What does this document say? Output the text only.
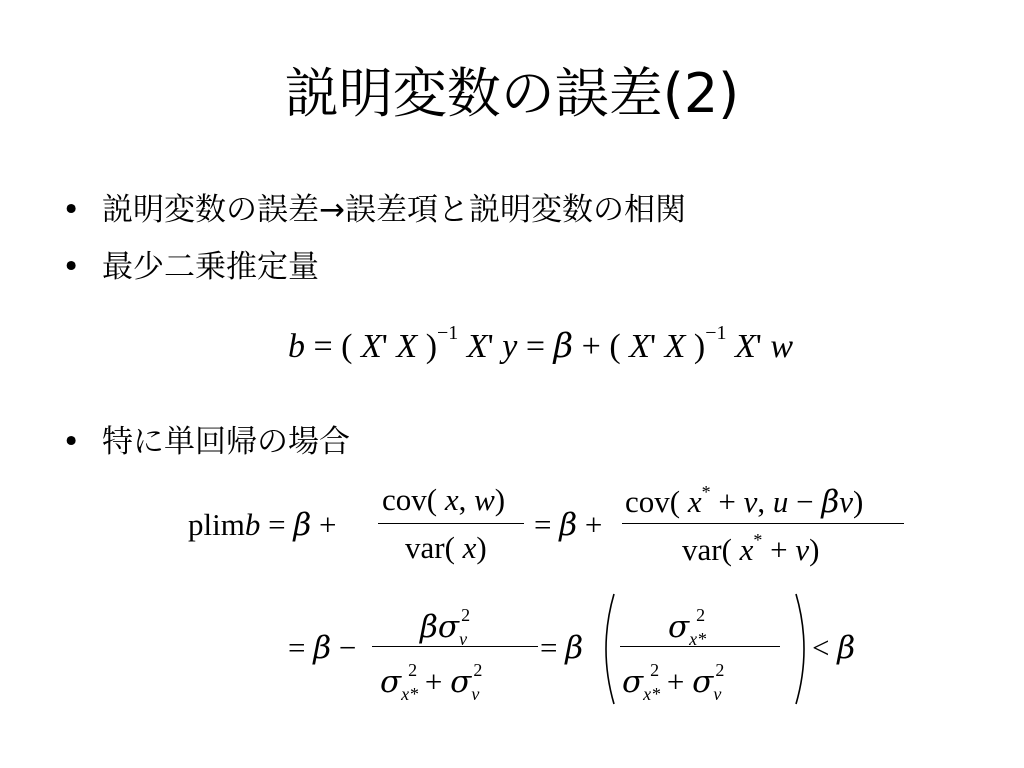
説明変数の誤差(2)
• 説明変数の誤差→誤差項と説明変数の相関
• 最少二乗推定量
• 特に単回帰の場合
b = ( X' X )$^{-1}$ X' y = β + ( X' X )$^{-1}$ X' w
plimb = β +
cov( x, w)
var( x)
= β +
cov( x* + v, u − βv)
var( x* + v)
= β −
$\beta\sigma_v^2$
$\sigma_{x*}^2 + \sigma_v^2$
= β
$\sigma_{x*}^2$
$\sigma_{x*}^2 + \sigma_v^2$
< β
